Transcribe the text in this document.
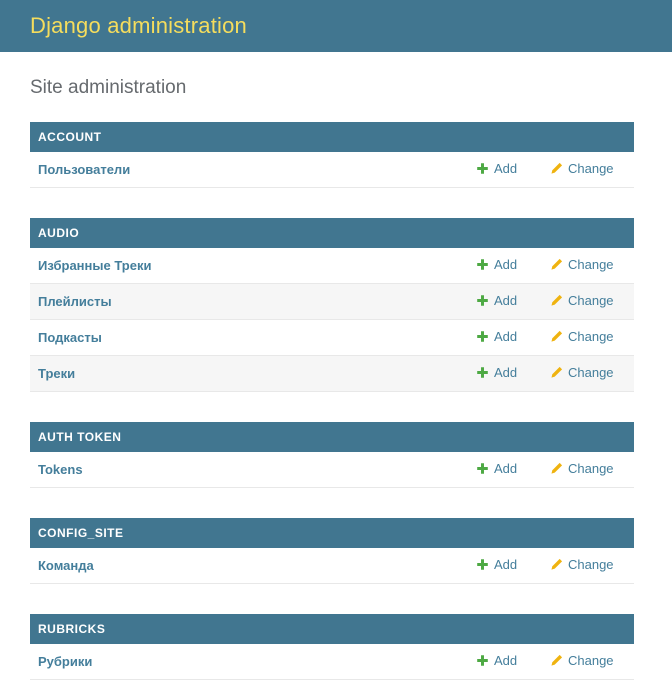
Django administration
Site administration
ACCOUNT
Пользователи	Add	Change
AUDIO
Избранные Треки	Add	Change
Плейлисты	Add	Change
Подкасты	Add	Change
Треки	Add	Change
AUTH TOKEN
Tokens	Add	Change
CONFIG_SITE
Команда	Add	Change
RUBRICKS
Рубрики	Add	Change
